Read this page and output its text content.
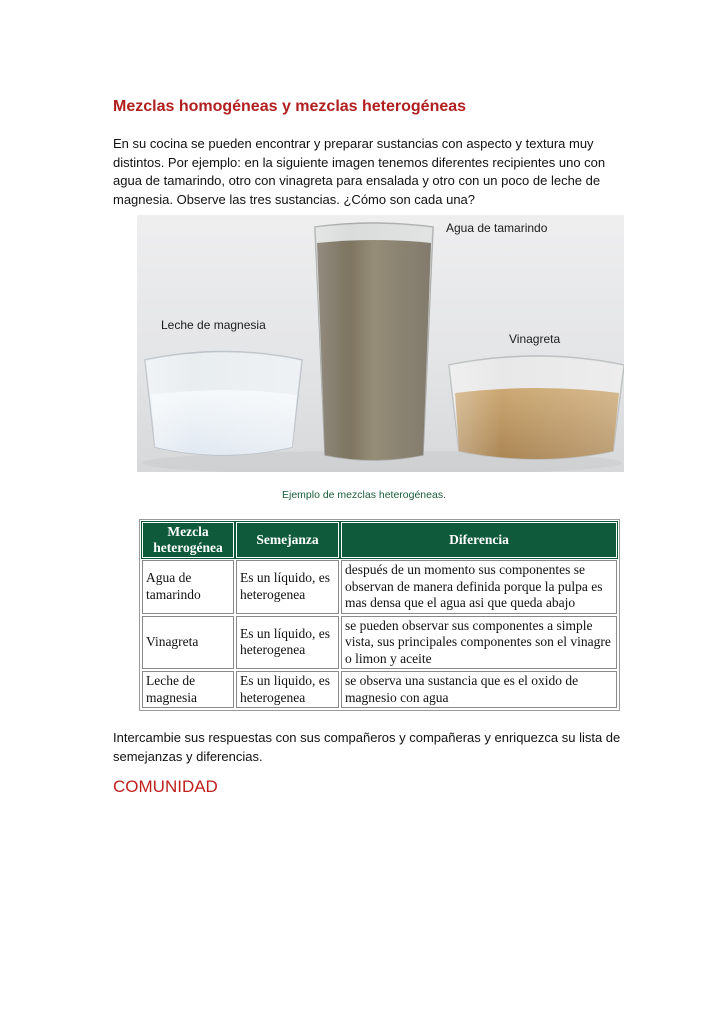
Mezclas homogéneas y mezclas heterogéneas

En su cocina se pueden encontrar y preparar sustancias con aspecto y textura muy distintos. Por ejemplo: en la siguiente imagen tenemos diferentes recipientes uno con agua de tamarindo, otro con vinagreta para ensalada y otro con un poco de leche de magnesia. Observe las tres sustancias. ¿Cómo son cada una?

Agua de tamarindo
Leche de magnesia
Vinagreta
Ejemplo de mezclas heterogéneas.
Mezcla heterogénea	Semejanza	Diferencia
Agua de tamarindo	Es un líquido, es heterogenea	después de un momento sus componentes se observan de manera definida porque la pulpa es mas densa que el agua asi que queda abajo
Vinagreta	Es un líquido, es heterogenea	se pueden observar sus componentes a simple vista, sus principales componentes son el vinagre o limon y aceite
Leche de magnesia	Es un liquido, es heterogenea	se observa una sustancia que es el oxido de magnesio con agua

Intercambie sus respuestas con sus compañeros y compañeras y enriquezca su lista de semejanzas y diferencias.

COMUNIDAD
